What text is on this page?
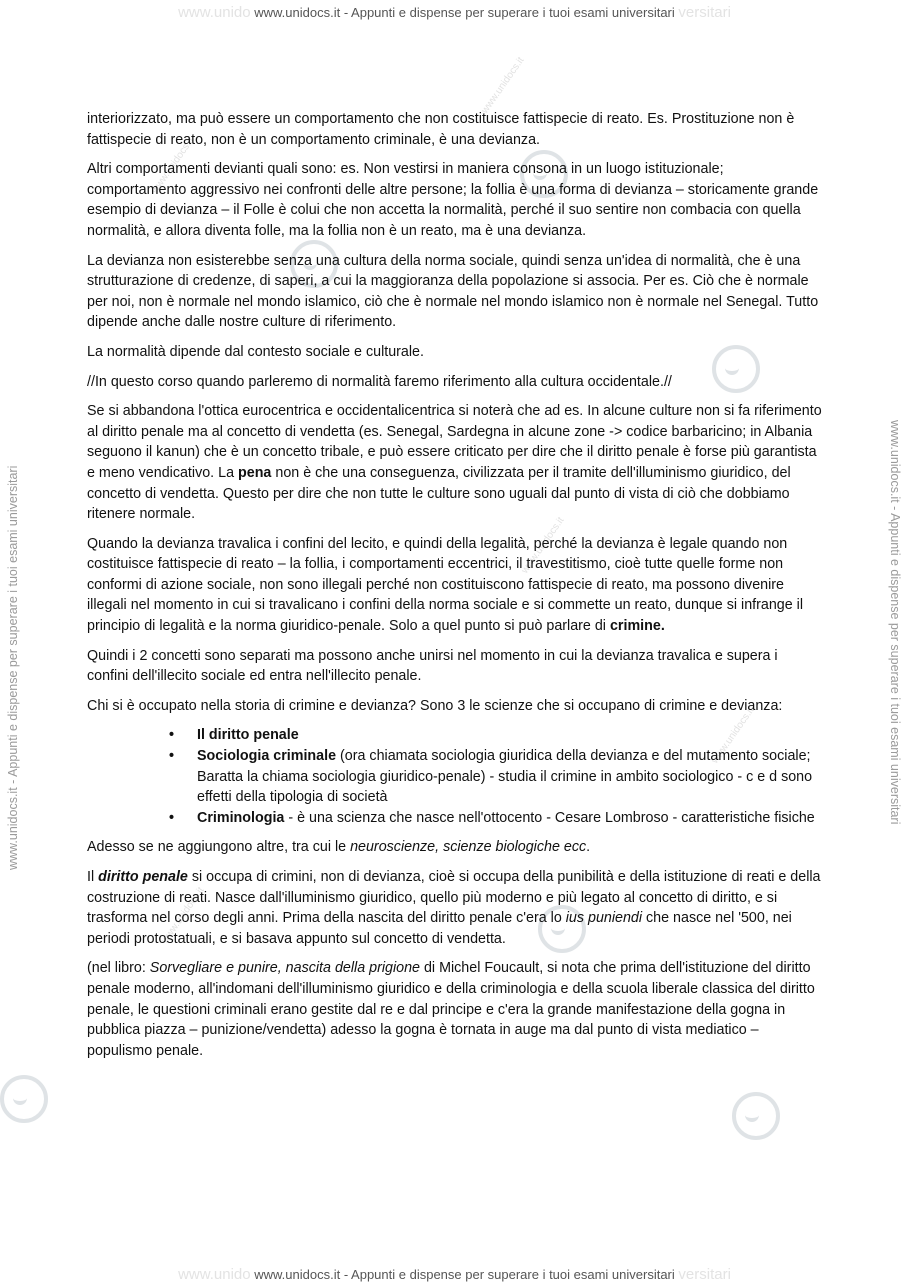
www.unido www.unidocs.it - Appunti e dispense per superare i tuoi esami universitari versitari
www.unidocs.it - Appunti e dispense per superare i tuoi esami universitari	www.unidocs.it - Appunti e dispense per superare i tuoi esami universitari
www.unidocs.it
www.unidocs.it
www.unidocs.it
www.unidocs.it
www.unidocs.it

interiorizzato, ma può essere un comportamento che non costituisce fattispecie di reato. Es. Prostituzione non è fattispecie di reato, non è un comportamento criminale, è una devianza.

Altri comportamenti devianti quali sono: es. Non vestirsi in maniera consona in un luogo istituzionale; comportamento aggressivo nei confronti delle altre persone; la follia è una forma di devianza – storicamente grande esempio di devianza – il Folle è colui che non accetta la normalità, perché il suo sentire non combacia con quella normalità, e allora diventa folle, ma la follia non è un reato, ma è una devianza.

La devianza non esisterebbe senza una cultura della norma sociale, quindi senza un'idea di normalità, che è una strutturazione di credenze, di saperi, a cui la maggioranza della popolazione si associa. Per es. Ciò che è normale per noi, non è normale nel mondo islamico, ciò che è normale nel mondo islamico non è normale nel Senegal. Tutto dipende anche dalle nostre culture di riferimento.

La normalità dipende dal contesto sociale e culturale.

//In questo corso quando parleremo di normalità faremo riferimento alla cultura occidentale.//

Se si abbandona l'ottica eurocentrica e occidentalicentrica si noterà che ad es. In alcune culture non si fa riferimento al diritto penale ma al concetto di vendetta (es. Senegal, Sardegna in alcune zone -> codice barbaricino; in Albania seguono il kanun) che è un concetto tribale, e può essere criticato per dire che il diritto penale è forse più garantista e meno vendicativo. La pena non è che una conseguenza, civilizzata per il tramite dell'illuminismo giuridico, del concetto di vendetta. Questo per dire che non tutte le culture sono uguali dal punto di vista di ciò che dobbiamo ritenere normale.

Quando la devianza travalica i confini del lecito, e quindi della legalità, perché la devianza è legale quando non costituisce fattispecie di reato – la follia, i comportamenti eccentrici, il travestitismo, cioè tutte quelle forme non conformi di azione sociale, non sono illegali perché non costituiscono fattispecie di reato, ma possono divenire illegali nel momento in cui si travalicano i confini della norma sociale e si commette un reato, dunque si infrange il principio di legalità e la norma giuridico-penale. Solo a quel punto si può parlare di crimine.

Quindi i 2 concetti sono separati ma possono anche unirsi nel momento in cui la devianza travalica e supera i confini dell'illecito sociale ed entra nell'illecito penale.

Chi si è occupato nella storia di crimine e devianza? Sono 3 le scienze che si occupano di crimine e devianza:

• Il diritto penale
• Sociologia criminale (ora chiamata sociologia giuridica della devianza e del mutamento sociale; Baratta la chiama sociologia giuridico-penale) - studia il crimine in ambito sociologico - c e d sono effetti della tipologia di società
• Criminologia - è una scienza che nasce nell'ottocento - Cesare Lombroso - caratteristiche fisiche

Adesso se ne aggiungono altre, tra cui le neuroscienze, scienze biologiche ecc.

Il diritto penale si occupa di crimini, non di devianza, cioè si occupa della punibilità e della istituzione di reati e della costruzione di reati. Nasce dall'illuminismo giuridico, quello più moderno e più legato al concetto di diritto, e si trasforma nel corso degli anni. Prima della nascita del diritto penale c'era lo ius puniendi che nasce nel '500, nei periodi protostatuali, e si basava appunto sul concetto di vendetta.

(nel libro: Sorvegliare e punire, nascita della prigione di Michel Foucault, si nota che prima dell'istituzione del diritto penale moderno, all'indomani dell'illuminismo giuridico e della criminologia e della scuola liberale classica del diritto penale, le questioni criminali erano gestite dal re e dal principe e c'era la grande manifestazione della gogna in pubblica piazza – punizione/vendetta) adesso la gogna è tornata in auge ma dal punto di vista mediatico – populismo penale.

www.unido www.unidocs.it - Appunti e dispense per superare i tuoi esami universitari versitari
